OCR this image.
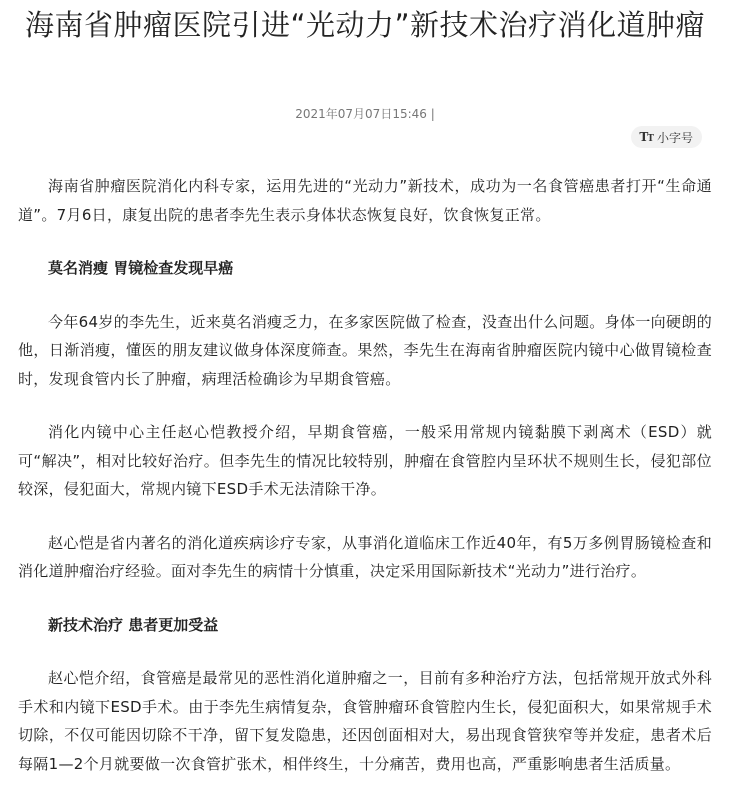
海南省肿瘤医院引进“光动力”新技术治疗消化道肿瘤
2021年07月07日15:46 |
TT 小字号

海南省肿瘤医院消化内科专家，运用先进的“光动力”新技术，成功为一名食管癌患者打开“生命通道”。7月6日，康复出院的患者李先生表示身体状态恢复良好，饮食恢复正常。

莫名消瘦 胃镜检查发现早癌

今年64岁的李先生，近来莫名消瘦乏力，在多家医院做了检查，没查出什么问题。身体一向硬朗的他，日渐消瘦，懂医的朋友建议做身体深度筛查。果然，李先生在海南省肿瘤医院内镜中心做胃镜检查时，发现食管内长了肿瘤，病理活检确诊为早期食管癌。

消化内镜中心主任赵心恺教授介绍，早期食管癌，一般采用常规内镜黏膜下剥离术（ESD）就可“解决”，相对比较好治疗。但李先生的情况比较特别，肿瘤在食管腔内呈环状不规则生长，侵犯部位较深，侵犯面大，常规内镜下ESD手术无法清除干净。

赵心恺是省内著名的消化道疾病诊疗专家，从事消化道临床工作近40年，有5万多例胃肠镜检查和消化道肿瘤治疗经验。面对李先生的病情十分慎重，决定采用国际新技术“光动力”进行治疗。

新技术治疗 患者更加受益

赵心恺介绍，食管癌是最常见的恶性消化道肿瘤之一，目前有多种治疗方法，包括常规开放式外科手术和内镜下ESD手术。由于李先生病情复杂，食管肿瘤环食管腔内生长，侵犯面积大，如果常规手术切除，不仅可能因切除不干净，留下复发隐患，还因创面相对大，易出现食管狭窄等并发症，患者术后每隔1—2个月就要做一次食管扩张术，相伴终生，十分痛苦，费用也高，严重影响患者生活质量。
